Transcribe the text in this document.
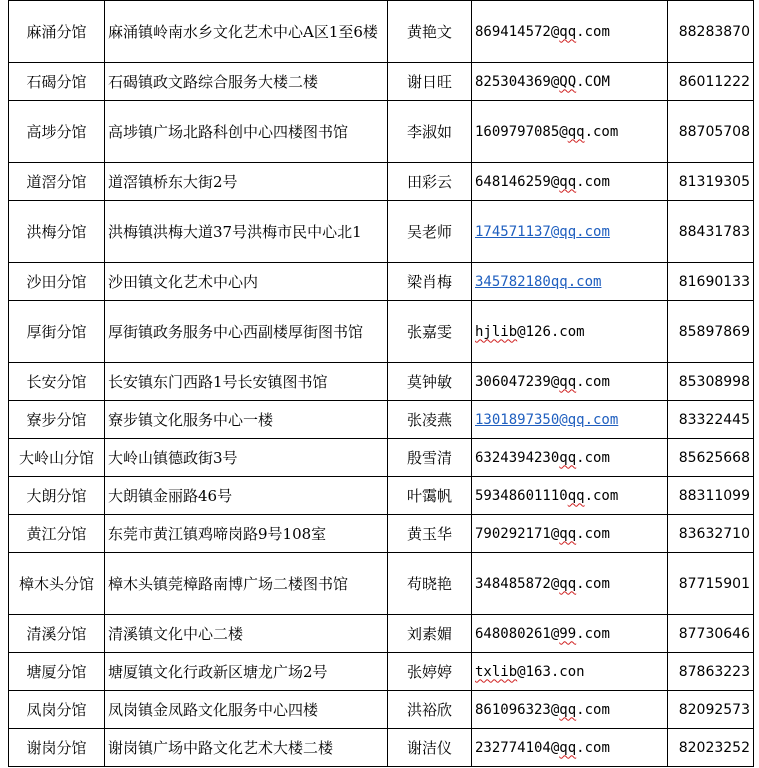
麻涌分馆	麻涌镇岭南水乡文化艺术中心A区1至6楼	黄艳文	869414572@qq.com	88283870
石碣分馆	石碣镇政文路综合服务大楼二楼	谢日旺	825304369@QQ.COM	86011222
高埗分馆	高埗镇广场北路科创中心四楼图书馆	李淑如	1609797085@qq.com	88705708
道滘分馆	道滘镇桥东大街2号	田彩云	648146259@qq.com	81319305
洪梅分馆	洪梅镇洪梅大道37号洪梅市民中心北1	吴老师	174571137@qq.com	88431783
沙田分馆	沙田镇文化艺术中心内	梁肖梅	345782180qq.com	81690133
厚街分馆	厚街镇政务服务中心西副楼厚街图书馆	张嘉雯	hjlib@126.com	85897869
长安分馆	长安镇东门西路1号长安镇图书馆	莫钟敏	306047239@qq.com	85308998
寮步分馆	寮步镇文化服务中心一楼	张凌燕	1301897350@qq.com	83322445
大岭山分馆	大岭山镇德政街3号	殷雪清	6324394230qq.com	85625668
大朗分馆	大朗镇金丽路46号	叶霭帆	59348601110qq.com	88311099
黄江分馆	东莞市黄江镇鸡啼岗路9号108室	黄玉华	790292171@qq.com	83632710
樟木头分馆	樟木头镇莞樟路南博广场二楼图书馆	苟晓艳	348485872@qq.com	87715901
清溪分馆	清溪镇文化中心二楼	刘素媚	648080261@99.com	87730646
塘厦分馆	塘厦镇文化行政新区塘龙广场2号	张婷婷	txlib@163.con	87863223
凤岗分馆	凤岗镇金凤路文化服务中心四楼	洪裕欣	861096323@qq.com	82092573
谢岗分馆	谢岗镇广场中路文化艺术大楼二楼	谢洁仪	232774104@qq.com	82023252
